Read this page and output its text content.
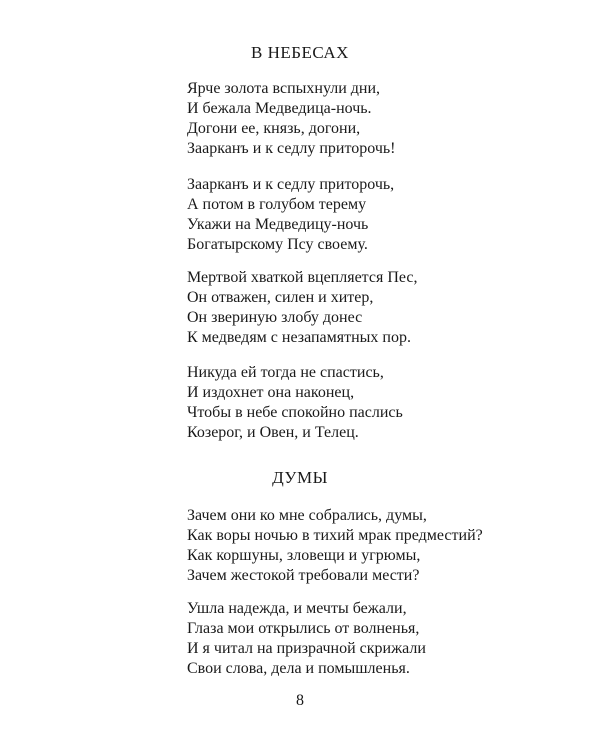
В НЕБЕСАХ
Ярче золота вспыхнули дни,
И бежала Медведица-ночь.
Догони ее, князь, догони,
Заарканъ и к седлу приторочь!
Заарканъ и к седлу приторочь,
А потом в голубом терему
Укажи на Медведицу-ночь
Богатырскому Псу своему.
Мертвой хваткой вцепляется Пес,
Он отважен, силен и хитер,
Он звериную злобу донес
К медведям с незапамятных пор.
Никуда ей тогда не спастись,
И издохнет она наконец,
Чтобы в небе спокойно паслись
Козерог, и Овен, и Телец.
ДУМЫ
Зачем они ко мне собрались, думы,
Как воры ночью в тихий мрак предместий?
Как коршуны, зловещи и угрюмы,
Зачем жестокой требовали мести?
Ушла надежда, и мечты бежали,
Глаза мои открылись от волненья,
И я читал на призрачной скрижали
Свои слова, дела и помышленья.
8
